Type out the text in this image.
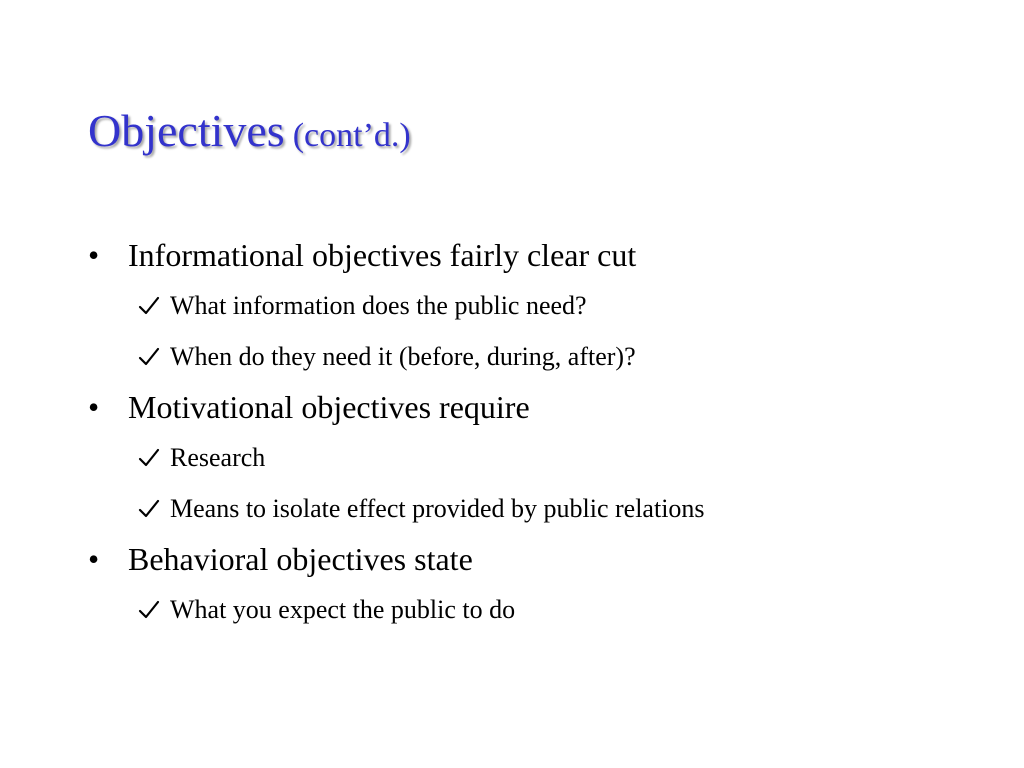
Objectives (cont’d.)
• Informational objectives fairly clear cut
What information does the public need?
When do they need it (before, during, after)?
• Motivational objectives require
Research
Means to isolate effect provided by public relations
• Behavioral objectives state
What you expect the public to do
